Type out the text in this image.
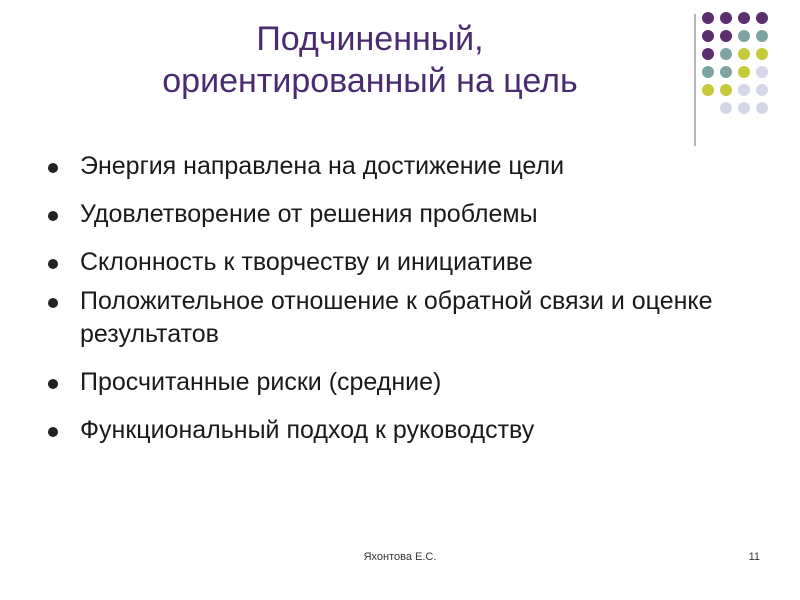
Подчиненный,
ориентированный на цель
Энергия направлена на достижение цели
Удовлетворение от решения проблемы
Склонность к творчеству и инициативе
Положительное отношение к обратной связи и оценке результатов
Просчитанные риски (средние)
Функциональный подход к руководству
Яхонтова Е.С.	11
